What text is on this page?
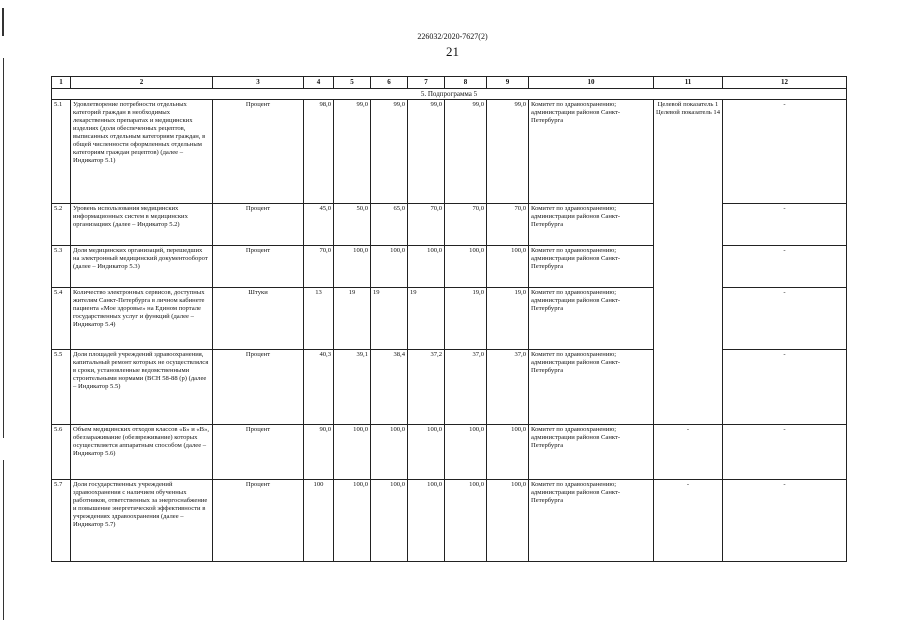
226032/2020-7627(2)
21
1	2	3	4	5	6	7	8	9	10	11	12
5. Подпрограмма 5											
5.1	Удовлетворение потребности отдельных категорий граждан в необходимых лекарственных препаратах и медицинских изделиях (доля обеспеченных рецептов, выписанных отдельным категориям граждан, в общей численности оформленных отдельным категориям граждан рецептов) (далее – Индикатор 5.1)	Процент	98,0	99,0	99,0	99,0	99,0	99,0	Комитет по здравоохранению; администрации районов Санкт-Петербурга	Целевой показатель 1 Целевой показатель 14	-
5.2	Уровень использования медицинских информационных систем в медицинских организациях (далее – Индикатор 5.2)	Процент	45,0	50,0	65,0	70,0	70,0	70,0	Комитет по здравоохранению; администрации районов Санкт-Петербурга		-
5.3	Доля медицинских организаций, перешедших на электронный медицинский документооборот (далее – Индикатор 5.3)	Процент	70,0	100,0	100,0	100,0	100,0	100,0	Комитет по здравоохранению; администрации районов Санкт-Петербурга		-
5.4	Количество электронных сервисов, доступных жителям Санкт-Петербурга в личном кабинете пациента «Мое здоровье» на Едином портале государственных услуг и функций (далее – Индикатор 5.4)	Штуки	13	19	19	19	19,0	19,0	Комитет по здравоохранению; администрации районов Санкт-Петербурга		-
5.5	Доля площадей учреждений здравоохранения, капитальный ремонт которых не осуществлялся в сроки, установленные ведомственными строительными нормами (ВСН 58-88 (р) (далее – Индикатор 5.5)	Процент	40,3	39,1	38,4	37,2	37,0	37,0	Комитет по здравоохранению; администрации районов Санкт-Петербурга		-
5.6	Объем медицинских отходов классов «Б» и «В», обеззараживание (обезвреживание) которых осуществляется аппаратным способом (далее – Индикатор 5.6)	Процент	90,0	100,0	100,0	100,0	100,0	100,0	Комитет по здравоохранению; администрации районов Санкт-Петербурга	-	-
5.7	Доля государственных учреждений здравоохранения с наличием обученных работников, ответственных за энергоснабжение и повышение энергетической эффективности в учреждениях здравоохранения (далее – Индикатор 5.7)	Процент	100	100,0	100,0	100,0	100,0	100,0	Комитет по здравоохранению; администрации районов Санкт-Петербурга	-	-
